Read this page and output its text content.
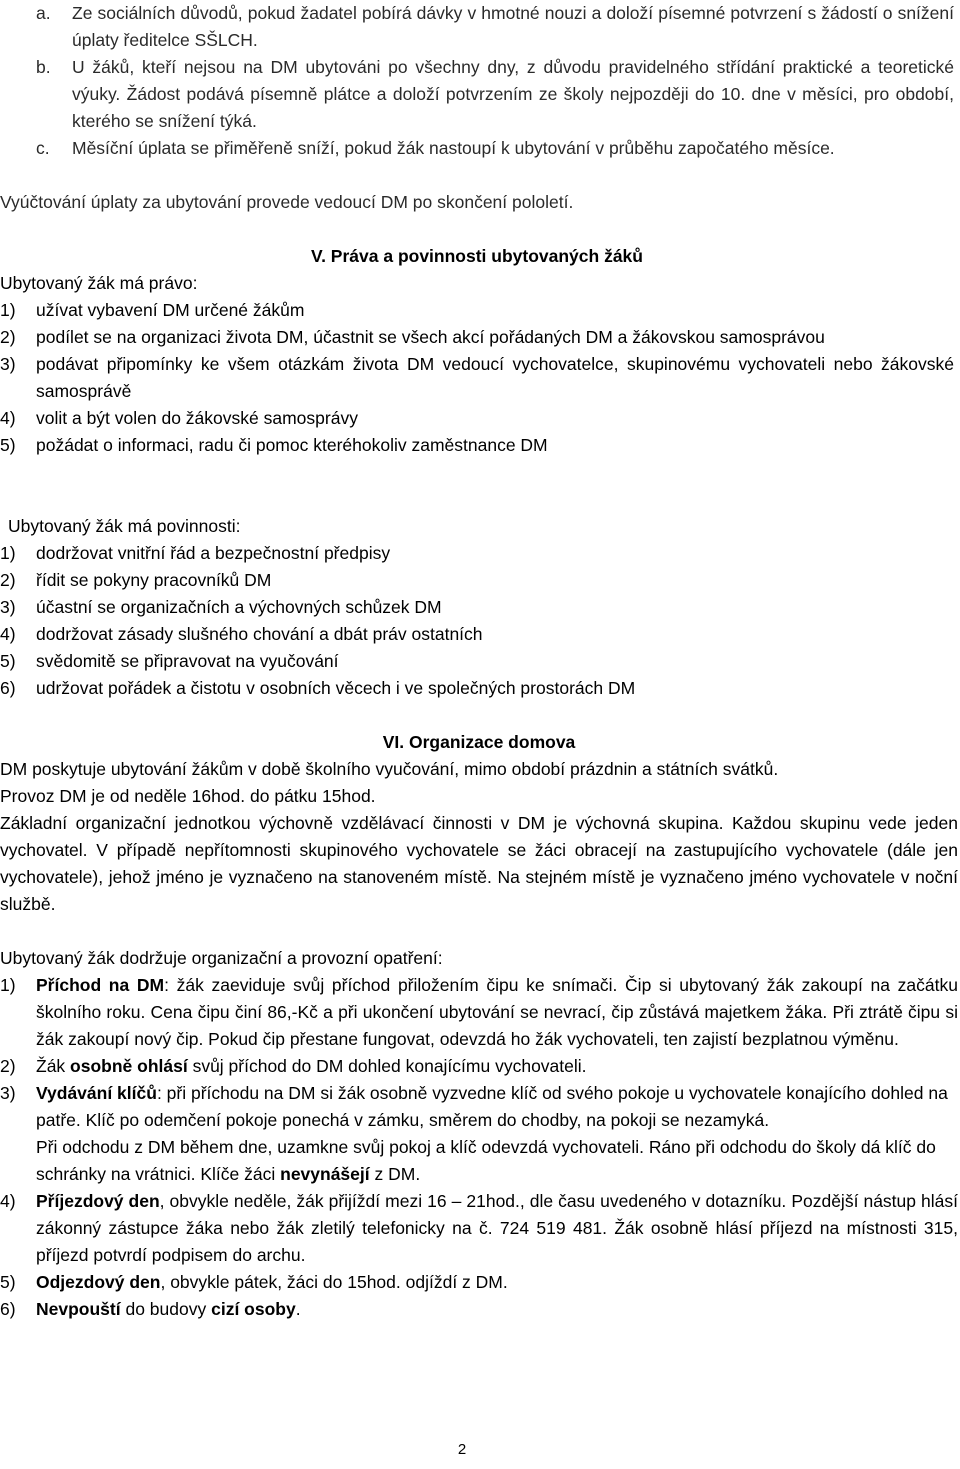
a. Ze sociálních důvodů, pokud žadatel pobírá dávky v hmotné nouzi a doloží písemné potvrzení s žádostí o snížení úplaty ředitelce SŠLCH.
b. U žáků, kteří nejsou na DM ubytováni po všechny dny, z důvodu pravidelného střídání praktické a teoretické výuky. Žádost podává písemně plátce a doloží potvrzením ze školy nejpozději do 10. dne v měsíci, pro období, kterého se snížení týká.
c. Měsíční úplata se přiměřeně sníží, pokud žák nastoupí k ubytování v průběhu započatého měsíce.
Vyúčtování úplaty za ubytování provede vedoucí DM po skončení pololetí.
V. Práva a povinnosti ubytovaných žáků
Ubytovaný žák má právo:
1) užívat vybavení DM určené žákům
2) podílet se na organizaci života DM, účastnit se všech akcí pořádaných DM a žákovskou samosprávou
3) podávat připomínky ke všem otázkám života DM vedoucí vychovatelce, skupinovému vychovateli nebo žákovské samosprávě
4) volit a být volen do žákovské samosprávy
5) požádat o informaci, radu či pomoc kteréhokoliv zaměstnance DM
Ubytovaný žák má povinnosti:
1) dodržovat vnitřní řád a bezpečnostní předpisy
2) řídit se pokyny pracovníků DM
3) účastní se organizačních a výchovných schůzek DM
4) dodržovat zásady slušného chování a dbát práv ostatních
5) svědomitě se připravovat na vyučování
6) udržovat pořádek a čistotu v osobních věcech i ve společných prostorách DM
VI. Organizace domova
DM poskytuje ubytování žákům v době školního vyučování, mimo období prázdnin a státních svátků.
Provoz DM je od neděle 16hod. do pátku 15hod.
Základní organizační jednotkou výchovně vzdělávací činnosti v DM je výchovná skupina. Každou skupinu vede jeden vychovatel. V případě nepřítomnosti skupinového vychovatele se žáci obracejí na zastupujícího vychovatele (dále jen vychovatele), jehož jméno je vyznačeno na stanoveném místě. Na stejném místě je vyznačeno jméno vychovatele v noční službě.
Ubytovaný žák dodržuje organizační a provozní opatření:
1) Příchod na DM: žák zaeviduje svůj příchod přiložením čipu ke snímači. Čip si ubytovaný žák zakoupí na začátku školního roku. Cena čipu činí 86,-Kč a při ukončení ubytování se nevrací, čip zůstává majetkem žáka. Při ztrátě čipu si žák zakoupí nový čip. Pokud čip přestane fungovat, odevzdá ho žák vychovateli, ten zajistí bezplatnou výměnu.
2) Žák osobně ohlásí svůj příchod do DM dohled konajícímu vychovateli.
3) Vydávání klíčů: při příchodu na DM si žák osobně vyzvedne klíč od svého pokoje u vychovatele konajícího dohled na patře. Klíč po odemčení pokoje ponechá v zámku, směrem do chodby, na pokoji se nezamyká.
Při odchodu z DM během dne, uzamkne svůj pokoj a klíč odevzdá vychovateli. Ráno při odchodu do školy dá klíč do schránky na vrátnici. Klíče žáci nevynášejí z DM.
4) Příjezdový den, obvykle neděle, žák přijíždí mezi 16 – 21hod., dle času uvedeného v dotazníku. Pozdější nástup hlásí zákonný zástupce žáka nebo žák zletilý telefonicky na č. 724 519 481. Žák osobně hlásí příjezd na místnosti 315, příjezd potvrdí podpisem do archu.
5) Odjezdový den, obvykle pátek, žáci do 15hod. odjíždí z DM.
6) Nevpouští do budovy cizí osoby.
2
